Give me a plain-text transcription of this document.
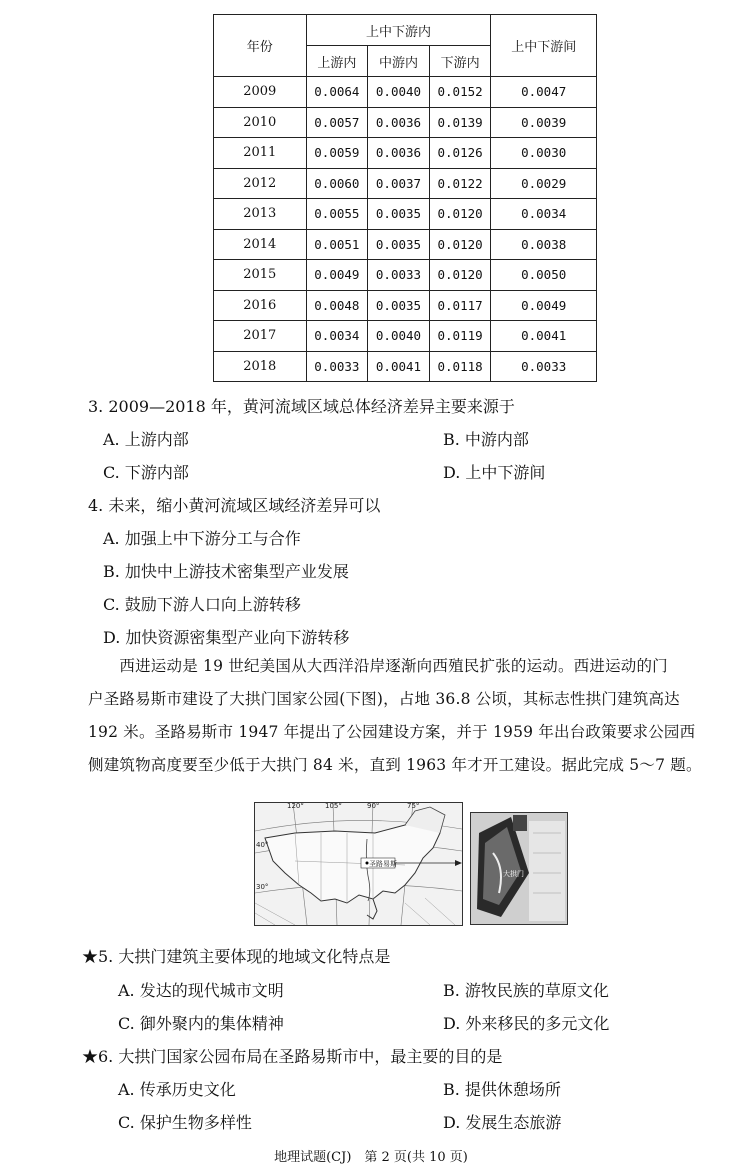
年份	上中下游内			上中下游间
	上游内	中游内	下游内	
2009	0.0064	0.0040	0.0152	0.0047
2010	0.0057	0.0036	0.0139	0.0039
2011	0.0059	0.0036	0.0126	0.0030
2012	0.0060	0.0037	0.0122	0.0029
2013	0.0055	0.0035	0.0120	0.0034
2014	0.0051	0.0035	0.0120	0.0038
2015	0.0049	0.0033	0.0120	0.0050
2016	0.0048	0.0035	0.0117	0.0049
2017	0.0034	0.0040	0.0119	0.0041
2018	0.0033	0.0041	0.0118	0.0033
3. 2009—2018 年，黄河流域区域总体经济差异主要来源于
A. 上游内部	B. 中游内部
C. 下游内部	D. 上中下游间
4. 未来，缩小黄河流域区域经济差异可以
A. 加强上中下游分工与合作
B. 加快中上游技术密集型产业发展
C. 鼓励下游人口向上游转移
D. 加快资源密集型产业向下游转移

　　西进运动是 19 世纪美国从大西洋沿岸逐渐向西殖民扩张的运动。西进运动的门

户圣路易斯市建设了大拱门国家公园(下图)，占地 36.8 公顷，其标志性拱门建筑高达

192 米。圣路易斯市 1947 年提出了公园建设方案，并于 1959 年出台政策要求公园西

侧建筑物高度要至少低于大拱门 84 米，直到 1963 年才开工建设。据此完成 5～7 题。

120°	105°	90°	75°
40°
30°
圣路易斯
大拱门
★5. 大拱门建筑主要体现的地域文化特点是
A. 发达的现代城市文明	B. 游牧民族的草原文化
C. 御外聚内的集体精神	D. 外来移民的多元文化
★6. 大拱门国家公园布局在圣路易斯市中，最主要的目的是
A. 传承历史文化	B. 提供休憩场所
C. 保护生物多样性	D. 发展生态旅游
地理试题(CJ)　第 2 页(共 10 页)
